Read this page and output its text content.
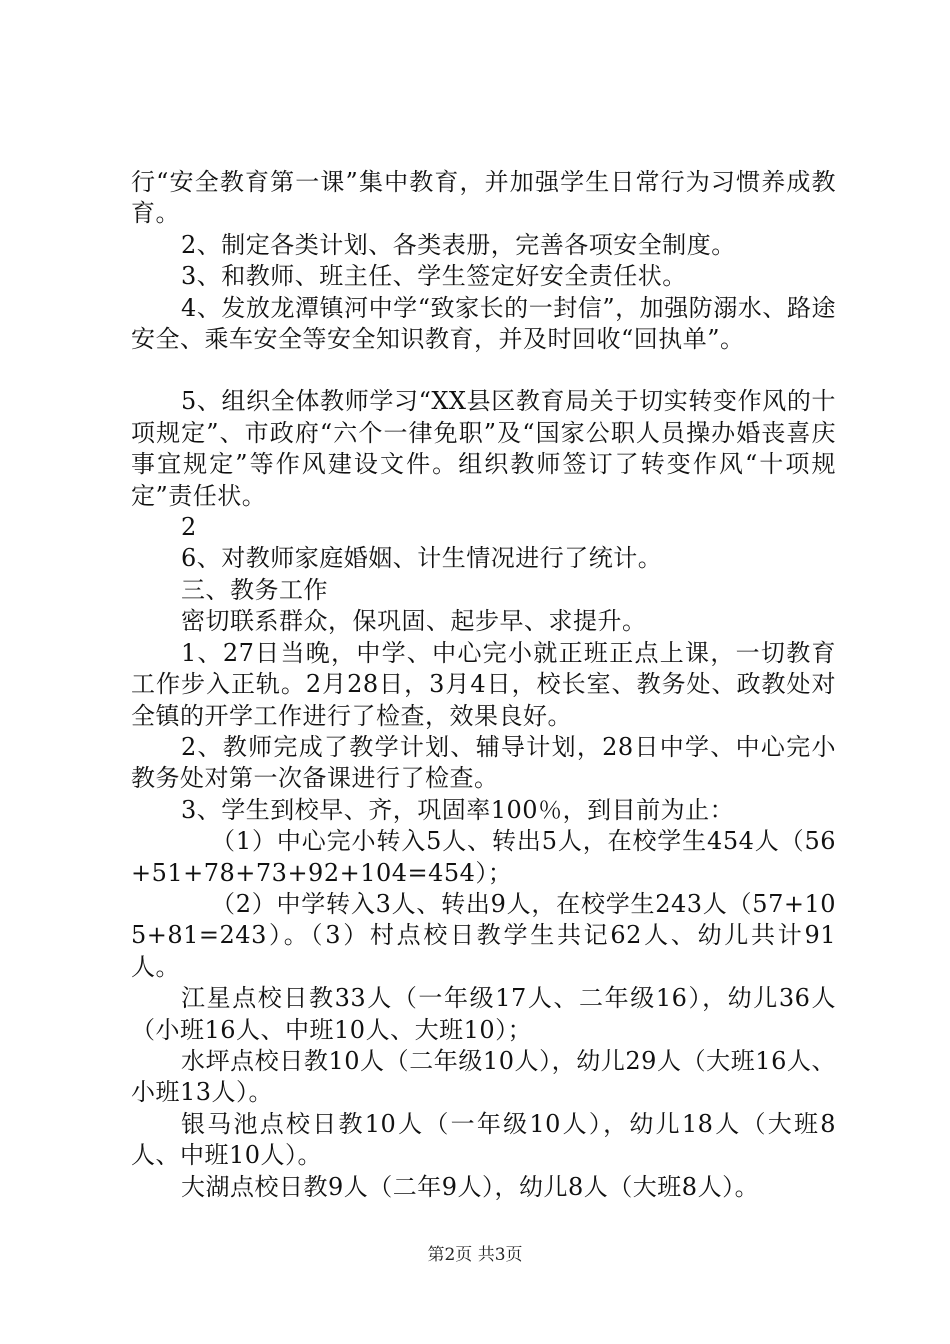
行“安全教育第一课”集中教育，并加强学生日常行为习惯养成教育。

2、制定各类计划、各类表册，完善各项安全制度。

3、和教师、班主任、学生签定好安全责任状。

4、发放龙潭镇河中学“致家长的一封信”，加强防溺水、路途安全、乘车安全等安全知识教育，并及时回收“回执单”。

5、组织全体教师学习“XX县区教育局关于切实转变作风的十项规定”、市政府“六个一律免职”及“国家公职人员操办婚丧喜庆事宜规定”等作风建设文件。组织教师签订了转变作风“十项规定”责任状。

2

6、对教师家庭婚姻、计生情况进行了统计。

三、教务工作

密切联系群众，保巩固、起步早、求提升。

1、27日当晚，中学、中心完小就正班正点上课，一切教育工作步入正轨。2月28日，3月4日，校长室、教务处、政教处对全镇的开学工作进行了检查，效果良好。

2、教师完成了教学计划、辅导计划，28日中学、中心完小教务处对第一次备课进行了检查。

3、学生到校早、齐，巩固率100％，到目前为止：

（1）中心完小转入5人、转出5人，在校学生454人（56+51+78+73+92+104=454）；

（2）中学转入3人、转出9人，在校学生243人（57+105+81=243）。（3）村点校日教学生共记62人、幼儿共计91人。

江星点校日教33人（一年级17人、二年级16），幼儿36人（小班16人、中班10人、大班10）；

水坪点校日教10人（二年级10人），幼儿29人（大班16人、小班13人）。

银马池点校日教10人（一年级10人），幼儿18人（大班8人、中班10人）。

大湖点校日教9人（二年9人），幼儿8人（大班8人）。

第2页 共3页
